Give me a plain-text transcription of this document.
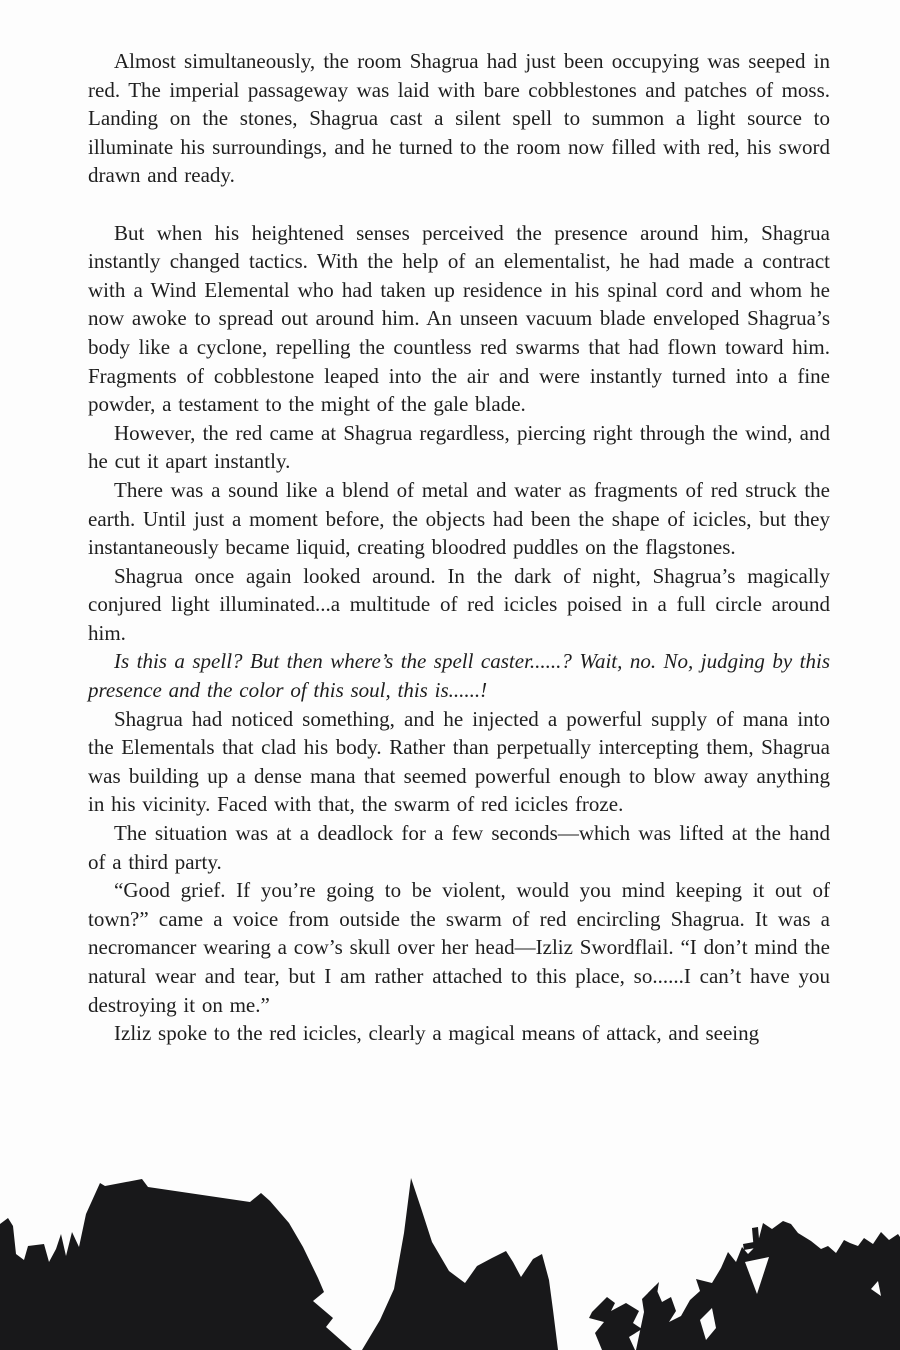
Almost simultaneously, the room Shagrua had just been occupying was seeped in red. The imperial passageway was laid with bare cobblestones and patches of moss. Landing on the stones, Shagrua cast a silent spell to summon a light source to illuminate his surroundings, and he turned to the room now filled with red, his sword drawn and ready.

But when his heightened senses perceived the presence around him, Shagrua instantly changed tactics. With the help of an elementalist, he had made a contract with a Wind Elemental who had taken up residence in his spinal cord and whom he now awoke to spread out around him. An unseen vacuum blade enveloped Shagrua’s body like a cyclone, repelling the countless red swarms that had flown toward him. Fragments of cobblestone leaped into the air and were instantly turned into a fine powder, a testament to the might of the gale blade.

However, the red came at Shagrua regardless, piercing right through the wind, and he cut it apart instantly.

There was a sound like a blend of metal and water as fragments of red struck the earth. Until just a moment before, the objects had been the shape of icicles, but they instantaneously became liquid, creating bloodred puddles on the flagstones.

Shagrua once again looked around. In the dark of night, Shagrua’s magically conjured light illuminated...a multitude of red icicles poised in a full circle around him.

Is this a spell? But then where’s the spell caster......? Wait, no. No, judging by this presence and the color of this soul, this is......!

Shagrua had noticed something, and he injected a powerful supply of mana into the Elementals that clad his body. Rather than perpetually intercepting them, Shagrua was building up a dense mana that seemed powerful enough to blow away anything in his vicinity. Faced with that, the swarm of red icicles froze.

The situation was at a deadlock for a few seconds—which was lifted at the hand of a third party.

“Good grief. If you’re going to be violent, would you mind keeping it out of town?” came a voice from outside the swarm of red encircling Shagrua. It was a necromancer wearing a cow’s skull over her head—Izliz Swordflail. “I don’t mind the natural wear and tear, but I am rather attached to this place, so......I can’t have you destroying it on me.”

Izliz spoke to the red icicles, clearly a magical means of attack, and seeing
